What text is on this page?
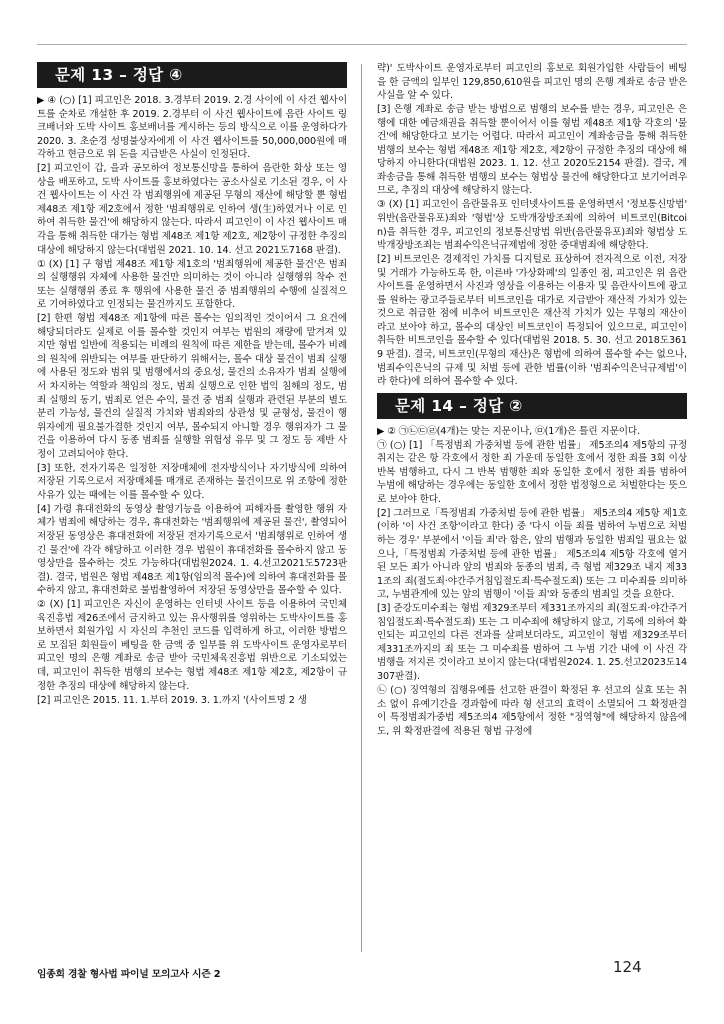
문제 13 – 정답 ④

▶ ④ (○) [1] 피고인은 2018. 3.경부터 2019. 2.경 사이에 이 사건 웹사이트를 순차로 개설한 후 2019. 2.경부터 이 사건 웹사이트에 음란 사이트 링크배너와 도박 사이트 홍보배너를 게시하는 등의 방식으로 이를 운영하다가 2020. 3. 초순경 성명불상자에게 이 사건 웹사이트를 50,000,000원에 매각하고 현금으로 위 돈을 지급받은 사실이 인정된다.

[2] 피고인이 갑, 을과 공모하여 정보통신망을 통하여 음란한 화상 또는 영상을 배포하고, 도박 사이트를 홍보하였다는 공소사실로 기소된 경우, 이 사건 웹사이트는 이 사건 각 범죄행위에 제공된 무형의 재산에 해당할 뿐 형법 제48조 제1항 제2호에서 정한 '범죄행위로 인하여 생(生)하였거나 이로 인하여 취득한 물건'에 해당하지 않는다. 따라서 피고인이 이 사건 웹사이트 매각을 통해 취득한 대가는 형법 제48조 제1항 제2호, 제2항이 규정한 추징의 대상에 해당하지 않는다(대법원 2021. 10. 14. 선고 2021도7168 판결).

① (X) [1] 구 형법 제48조 제1항 제1호의 '범죄행위에 제공한 물건'은 범죄의 실행행위 자체에 사용한 물건만 의미하는 것이 아니라 실행행위 착수 전 또는 실행행위 종료 후 행위에 사용한 물건 중 범죄행위의 수행에 실질적으로 기여하였다고 인정되는 물건까지도 포함한다.

[2] 한편 형법 제48조 제1항에 따른 몰수는 임의적인 것이어서 그 요건에 해당되더라도 실제로 이를 몰수할 것인지 여부는 법원의 재량에 맡겨져 있지만 형법 일반에 적용되는 비례의 원칙에 따른 제한을 받는데, 몰수가 비례의 원칙에 위반되는 여부를 판단하기 위해서는, 몰수 대상 물건이 범죄 실행에 사용된 정도와 범위 및 범행에서의 중요성, 물건의 소유자가 범죄 실행에서 차지하는 역할과 책임의 정도, 범죄 실행으로 인한 법익 침해의 정도, 범죄 실행의 동기, 범죄로 얻은 수익, 물건 중 범죄 실행과 관련된 부분의 별도 분리 가능성, 물건의 실질적 가치와 범죄와의 상관성 및 균형성, 물건이 행위자에게 필요불가결한 것인지 여부, 몰수되지 아니할 경우 행위자가 그 물건을 이용하여 다시 동종 범죄를 실행할 위험성 유무 및 그 정도 등 제반 사정이 고려되어야 한다.

[3] 또한, 전자기록은 일정한 저장매체에 전자방식이나 자기방식에 의하여 저장된 기록으로서 저장매체를 매개로 존재하는 물건이므로 위 조항에 정한 사유가 있는 때에는 이를 몰수할 수 있다.

[4] 가령 휴대전화의 동영상 촬영기능을 이용하여 피해자를 촬영한 행위 자체가 범죄에 해당하는 경우, 휴대전화는 '범죄행위에 제공된 물건', 촬영되어 저장된 동영상은 휴대전화에 저장된 전자기록으로서 '범죄행위로 인하여 생긴 물건'에 각각 해당하고 이러한 경우 법원이 휴대전화를 몰수하지 않고 동영상만을 몰수하는 것도 가능하다(대법원2024. 1. 4.선고2021도5723판결). 결국, 법원은 형법 제48조 제1항(임의적 몰수)에 의하여 휴대전화를 몰수하지 않고, 휴대전화로 불법촬영하여 저장된 동영상만을 몰수할 수 있다.

② (X) [1] 피고인은 자신이 운영하는 인터넷 사이트 등을 이용하여 국민체육진흥법 제26조에서 금지하고 있는 유사행위를 영위하는 도박사이트를 홍보하면서 회원가입 시 자신의 추천인 코드를 입력하게 하고, 이러한 방법으로 모집된 회원들이 베팅을 한 금액 중 일부를 위 도박사이트 운영자로부터 피고인 명의 은행 계좌로 송금 받아 국민체육진흥법 위반으로 기소되었는데, 피고인이 취득한 범행의 보수는 형법 제48조 제1항 제2호, 제2항이 규정한 추징의 대상에 해당하지 않는다.

[2] 피고인은 2015. 11. 1.부터 2019. 3. 1.까지 '(사이트명 2 생

략)' 도박사이트 운영자로부터 피고인의 홍보로 회원가입한 사람들이 베팅을 한 금액의 일부인 129,850,610원을 피고인 명의 은행 계좌로 송금 받은 사실을 알 수 있다.

[3] 은행 계좌로 송금 받는 방법으로 범행의 보수를 받는 경우, 피고인은 은행에 대한 예금채권을 취득할 뿐이어서 이를 형법 제48조 제1항 각호의 '물건'에 해당한다고 보기는 어렵다. 따라서 피고인이 계좌송금을 통해 취득한 범행의 보수는 형법 제48조 제1항 제2호, 제2항이 규정한 추징의 대상에 해당하지 아니한다(대법원 2023. 1. 12. 선고 2020도2154 판결). 결국, 계좌송금을 통해 취득한 범행의 보수는 형법상 물건에 해당한다고 보기어려우므로, 추징의 대상에 해당하지 않는다.

③ (X) [1] 피고인이 음란물유포 인터넷사이트를 운영하면서 '정보통신망법' 위반(음란물유포)죄와 '형법'상 도박개장방조죄에 의하여 비트코인(Bitcoin)을 취득한 경우, 피고인의 정보통신망법 위반(음란물유포)죄와 형법상 도박개장방조죄는 범죄수익은닉규제법에 정한 중대범죄에 해당한다.

[2] 비트코인은 경제적인 가치를 디지털로 표상하여 전자적으로 이전, 저장 및 거래가 가능하도록 한, 이른바 '가상화폐'의 일종인 점, 피고인은 위 음란사이트를 운영하면서 사진과 영상을 이용하는 이용자 및 음란사이트에 광고를 원하는 광고주들로부터 비트코인을 대가로 지급받아 재산적 가치가 있는 것으로 취급한 점에 비추어 비트코인은 재산적 가치가 있는 무형의 재산이라고 보아야 하고, 몰수의 대상인 비트코인이 특정되어 있으므로, 피고인이 취득한 비트코인을 몰수할 수 있다(대법원 2018. 5. 30. 선고 2018도3619 판결). 결국, 비트코인(무형의 재산)은 형법에 의하여 몰수할 수는 없으나, 범죄수익은닉의 규제 및 처벌 등에 관한 법률(이하 '범죄수익은닉규제법'이라 한다)에 의하여 몰수할 수 있다.

문제 14 – 정답 ②

▶ ② ㉠㉡㉢㉣(4개)는 맞는 지문이나, ㉤(1개)은 틀린 지문이다.

㉠ (○) [1] 「특정범죄 가중처벌 등에 관한 법률」 제5조의4 제5항의 규정 취지는 같은 항 각호에서 정한 죄 가운데 동일한 호에서 정한 죄를 3회 이상 반복 범행하고, 다시 그 반복 범행한 죄와 동일한 호에서 정한 죄를 범하여 누범에 해당하는 경우에는 동일한 호에서 정한 법정형으로 처벌한다는 뜻으로 보아야 한다.

[2] 그러므로「특정범죄 가중처벌 등에 관한 법률」 제5조의4 제5항 제1호(이하 '이 사건 조항'이라고 한다) 중 '다시 이들 죄를 범하여 누범으로 처벌하는 경우' 부분에서 '이들 죄'라 함은, 앞의 범행과 동일한 범죄일 필요는 없으나,「특정범죄 가중처벌 등에 관한 법률」 제5조의4 제5항 각호에 열거된 모든 죄가 아니라 앞의 범죄와 동종의 범죄, 즉 형법 제329조 내지 제331조의 죄(절도죄·야간주거침입절도죄·특수절도죄) 또는 그 미수죄를 의미하고, 누범관계에 있는 앞의 범행이 '이들 죄'와 동종의 범죄일 것을 요한다.

[3] 준강도미수죄는 형법 제329조부터 제331조까지의 죄(절도죄·야간주거침입절도죄·특수절도죄) 또는 그 미수죄에 해당하지 않고, 기록에 의하여 확인되는 피고인의 다른 전과를 살펴보더라도, 피고인이 형법 제329조부터 제331조까지의 죄 또는 그 미수죄를 범하여 그 누범 기간 내에 이 사건 각 범행을 저지른 것이라고 보이지 않는다(대법원2024. 1. 25.선고2023도14307판결).

㉡ (○) 징역형의 집행유예를 선고한 판결이 확정된 후 선고의 실효 또는 취소 없이 유예기간을 경과함에 따라 형 선고의 효력이 소멸되어 그 확정판결이 특정범죄가중법 제5조의4 제5항에서 정한 "징역형"에 해당하지 않음에도, 위 확정판결에 적용된 형법 규정에

임종희 경찰 형사법 파이널 모의고사 시즌 2	124
